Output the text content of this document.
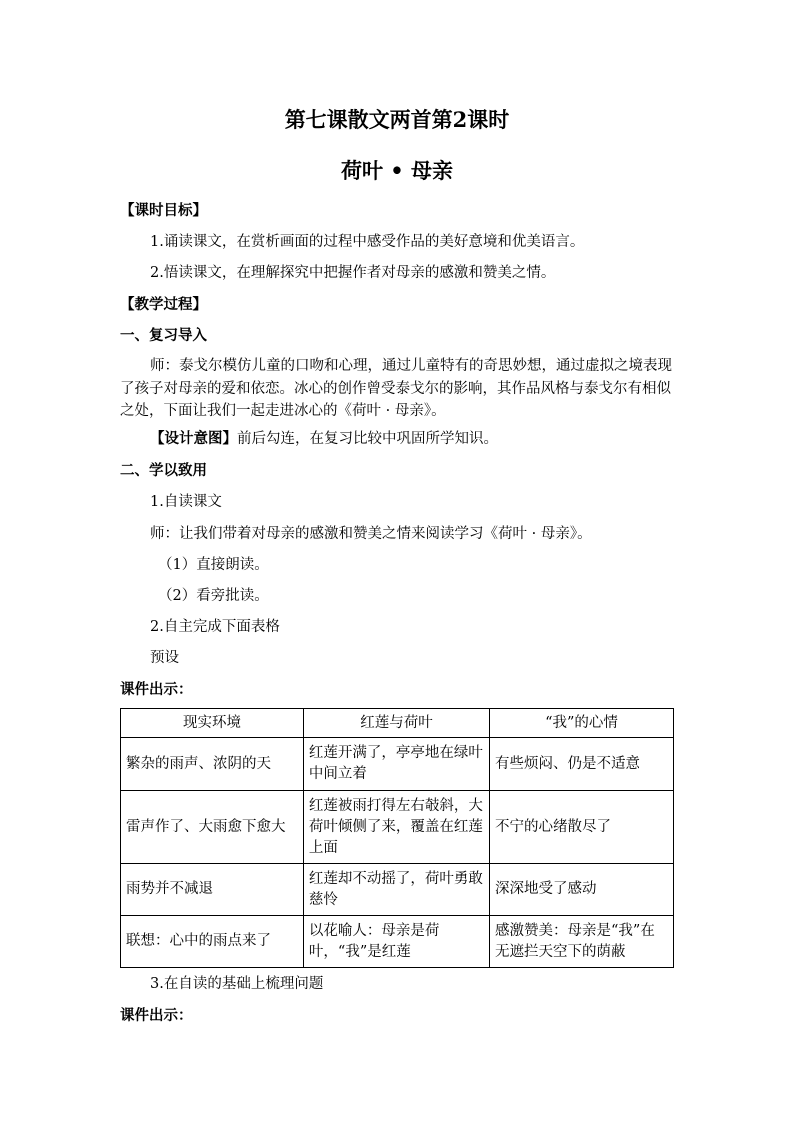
第七课散文两首第2课时
荷叶 • 母亲
【课时目标】
1.诵读课文，在赏析画面的过程中感受作品的美好意境和优美语言。
2.悟读课文，在理解探究中把握作者对母亲的感激和赞美之情。
【教学过程】
一、复习导入
师：泰戈尔模仿儿童的口吻和心理，通过儿童特有的奇思妙想，通过虚拟之境表现了孩子对母亲的爱和依恋。冰心的创作曾受泰戈尔的影响，其作品风格与泰戈尔有相似之处，下面让我们一起走进冰心的《荷叶 · 母亲》。
【设计意图】前后勾连，在复习比较中巩固所学知识。
二、学以致用
1.自读课文
师：让我们带着对母亲的感激和赞美之情来阅读学习《荷叶 · 母亲》。
（1）直接朗读。
（2）看旁批读。
2.自主完成下面表格
预设
课件出示：
现实环境	红莲与荷叶	“我”的心情
繁杂的雨声、浓阴的天	红莲开满了，亭亭地在绿叶中间立着	有些烦闷、仍是不适意
雷声作了、大雨愈下愈大	红莲被雨打得左右攲斜，大荷叶倾侧了来，覆盖在红莲上面	不宁的心绪散尽了
雨势并不减退	红莲却不动摇了，荷叶勇敢慈怜	深深地受了感动
联想：心中的雨点来了	以花喻人：母亲是荷叶，“我”是红莲	感激赞美：母亲是“我”在无遮拦天空下的荫蔽
3.在自读的基础上梳理问题
课件出示：
